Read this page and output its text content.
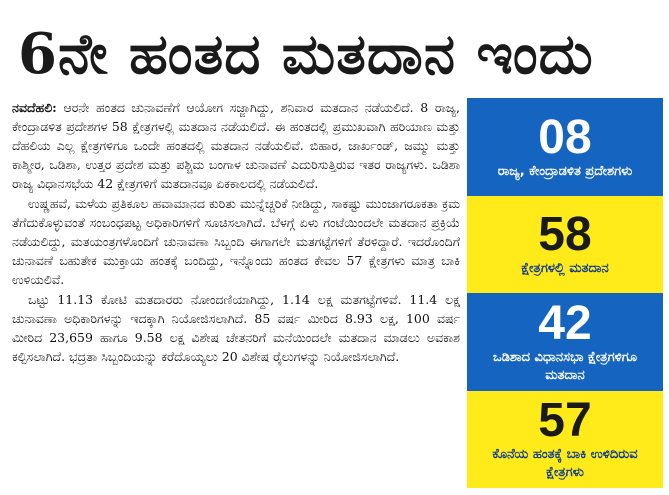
6ನೇ ಹಂತದ ಮತದಾನ ಇಂದು

ನವದೆಹಲಿ: ಆರನೇ ಹಂತದ ಚುನಾವಣೆಗೆ ಆಯೋಗ ಸಜ್ಜಾಗಿದ್ದು, ಶನಿವಾರ ಮತದಾನ ನಡೆಯಲಿದೆ. 8 ರಾಜ್ಯ, ಕೇಂದ್ರಾಡಳಿತ ಪ್ರದೇಶಗಳ 58 ಕ್ಷೇತ್ರಗಳಲ್ಲಿ ಮತದಾನ ನಡೆಯಲಿದೆ. ಈ ಹಂತದಲ್ಲಿ ಪ್ರಮುಖವಾಗಿ ಹರಿಯಾಣ ಮತ್ತು ದೆಹಲಿಯ ಎಲ್ಲ ಕ್ಷೇತ್ರಗಳಿಗೂ ಒಂದೇ ಹಂತದಲ್ಲಿ ಮತದಾನ ನಡೆಯಲಿವೆ. ಬಿಹಾರ, ಜಾರ್ಖಂಡ್, ಜಮ್ಮು ಮತ್ತು ಕಾಶ್ಮೀರ, ಒಡಿಶಾ, ಉತ್ತರ ಪ್ರದೇಶ ಮತ್ತು ಪಶ್ಚಿಮ ಬಂಗಾಳ ಚುನಾವಣೆ ಎದುರಿಸುತ್ತಿರುವ ಇತರ ರಾಜ್ಯಗಳು. ಒಡಿಶಾ ರಾಜ್ಯ ವಿಧಾನಸಭೆಯ 42 ಕ್ಷೇತ್ರಗಳಿಗೆ ಮತದಾನವೂ ಏಕಕಾಲದಲ್ಲಿ ನಡೆಯಲಿದೆ.

ಉಷ್ಣಹವೆ, ಮಳೆಯ ಪ್ರತಿಕೂಲ ಹವಾಮಾನದ ಕುರಿತು ಮುನ್ನೆಚ್ಚರಿಕೆ ನೀಡಿದ್ದು, ಸಾಕಷ್ಟು ಮುಂಜಾಗರೂಕತಾ ಕ್ರಮ ತೆಗೆದುಕೊಳ್ಳುವಂತೆ ಸಂಬಂಧಪಟ್ಟ ಅಧಿಕಾರಿಗಳಿಗೆ ಸೂಚಿಸಲಾಗಿದೆ. ಬೆಳಗ್ಗೆ ಏಳು ಗಂಟೆಯಿಂದಲೇ ಮತದಾನ ಪ್ರಕ್ರಿಯೆ ನಡೆಯಲಿದ್ದು, ಮತಯಂತ್ರಗಳೊಂದಿಗೆ ಚುನಾವಣಾ ಸಿಬ್ಬಂದಿ ಈಗಾಗಲೇ ಮತಗಟ್ಟೆಗಳಿಗೆ ತೆರಳಿದ್ದಾರೆ. ಇದರೊಂದಿಗೆ ಚುನಾವಣೆ ಬಹುತೇಕ ಮುಕ್ತಾಯ ಹಂತಕ್ಕೆ ಬಂದಿದ್ದು, ಇನ್ನೊಂದು ಹಂತದ ಕೇವಲ 57 ಕ್ಷೇತ್ರಗಳು ಮಾತ್ರ ಬಾಕಿ ಉಳಿಯಲಿವೆ.

ಒಟ್ಟು 11.13 ಕೋಟಿ ಮತದಾರರು ನೋಂದಣಿಯಾಗಿದ್ದು, 1.14 ಲಕ್ಷ ಮತಗಟ್ಟೆಗಳಿವೆ. 11.4 ಲಕ್ಷ ಚುನಾವಣಾ ಅಧಿಕಾರಿಗಳನ್ನು ಇದಕ್ಕಾಗಿ ನಿಯೋಜಿಸಲಾಗಿದೆ. 85 ವರ್ಷ ಮೀರಿದ 8.93 ಲಕ್ಷ, 100 ವರ್ಷ ಮೀರಿದ 23,659 ಹಾಗೂ 9.58 ಲಕ್ಷ ವಿಶೇಷ ಚೇತನರಿಗೆ ಮನೆಯಿಂದಲೇ ಮತದಾನ ಮಾಡಲು ಅವಕಾಶ ಕಲ್ಪಿಸಲಾಗಿದೆ. ಭದ್ರತಾ ಸಿಬ್ಬಂದಿಯನ್ನು ಕರೆದೊಯ್ಯಲು 20 ವಿಶೇಷ ರೈಲುಗಳನ್ನು ನಿಯೋಜಿಸಲಾಗಿದೆ.

08
ರಾಜ್ಯ, ಕೇಂದ್ರಾಡಳಿತ ಪ್ರದೇಶಗಳು
58
ಕ್ಷೇತ್ರಗಳಲ್ಲಿ ಮತದಾನ
42
ಒಡಿಶಾದ ವಿಧಾನಸಭಾ ಕ್ಷೇತ್ರಗಳಿಗೂ ಮತದಾನ
57
ಕೊನೆಯ ಹಂತಕ್ಕೆ ಬಾಕಿ ಉಳಿದಿರುವ ಕ್ಷೇತ್ರಗಳು
